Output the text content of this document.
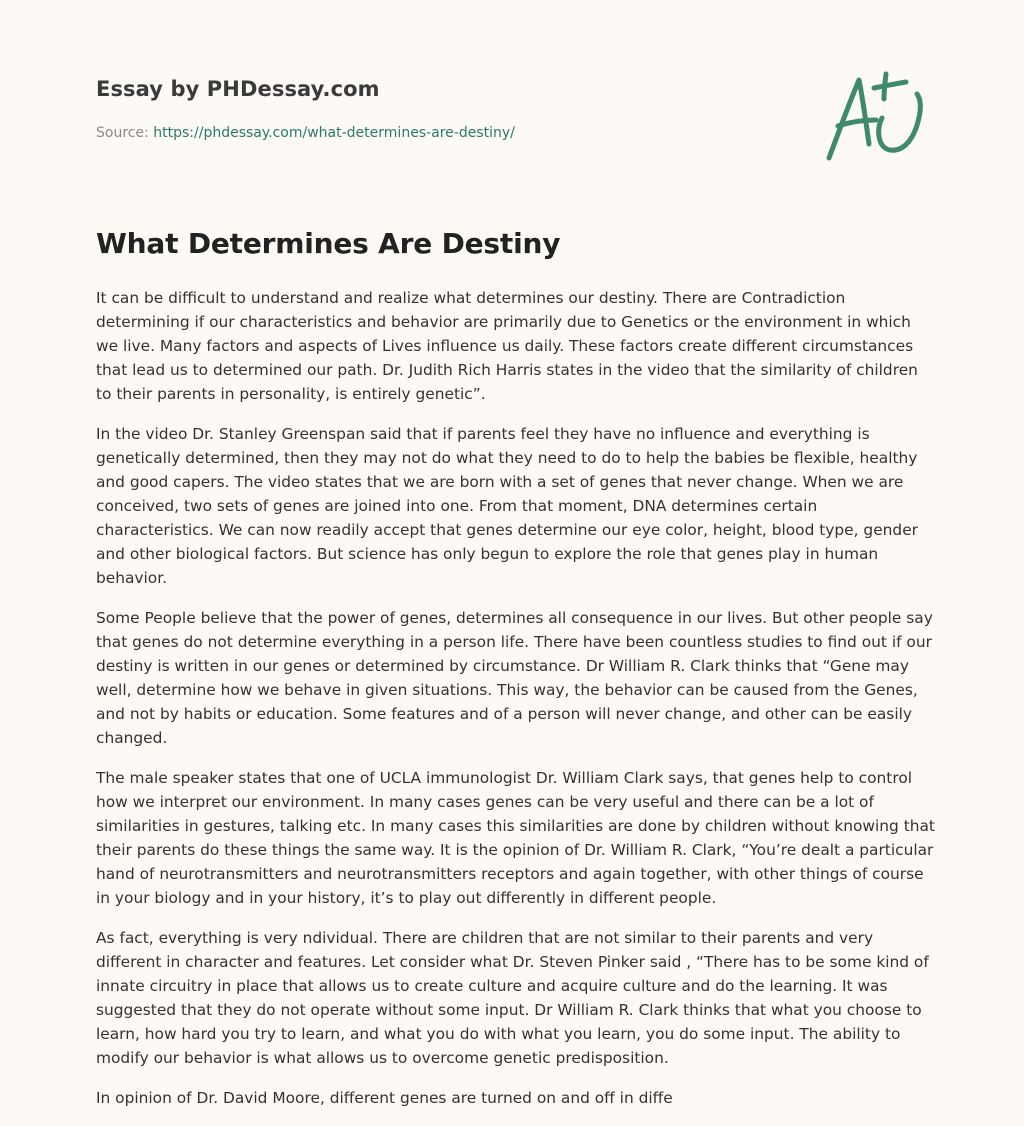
Essay by PHDessay.com
Source: https://phdessay.com/what-determines-are-destiny/
What Determines Are Destiny

It can be difficult to understand and realize what determines our destiny. There are Contradiction determining if our characteristics and behavior are primarily due to Genetics or the environment in which we live. Many factors and aspects of Lives influence us daily. These factors create different circumstances that lead us to determined our path. Dr. Judith Rich Harris states in the video that the similarity of children to their parents in personality, is entirely genetic”.

In the video Dr. Stanley Greenspan said that if parents feel they have no influence and everything is genetically determined, then they may not do what they need to do to help the babies be flexible, healthy and good capers. The video states that we are born with a set of genes that never change. When we are conceived, two sets of genes are joined into one. From that moment, DNA determines certain characteristics. We can now readily accept that genes determine our eye color, height, blood type, gender and other biological factors. But science has only begun to explore the role that genes play in human behavior.

Some People believe that the power of genes, determines all consequence in our lives. But other people say that genes do not determine everything in a person life. There have been countless studies to find out if our destiny is written in our genes or determined by circumstance. Dr William R. Clark thinks that “Gene may well, determine how we behave in given situations. This way, the behavior can be caused from the Genes, and not by habits or education. Some features and of a person will never change, and other can be easily changed.

The male speaker states that one of UCLA immunologist Dr. William Clark says, that genes help to control how we interpret our environment. In many cases genes can be very useful and there can be a lot of similarities in gestures, talking etc. In many cases this similarities are done by children without knowing that their parents do these things the same way. It is the opinion of Dr. William R. Clark, “You’re dealt a particular hand of neurotransmitters and neurotransmitters receptors and again together, with other things of course in your biology and in your history, it’s to play out differently in different people.

As fact, everything is very ndividual. There are children that are not similar to their parents and very different in character and features. Let consider what Dr. Steven Pinker said , “There has to be some kind of innate circuitry in place that allows us to create culture and acquire culture and do the learning. It was suggested that they do not operate without some input. Dr William R. Clark thinks that what you choose to learn, how hard you try to learn, and what you do with what you learn, you do some input. The ability to modify our behavior is what allows us to overcome genetic predisposition.

In opinion of Dr. David Moore, different genes are turned on and off in diffe
